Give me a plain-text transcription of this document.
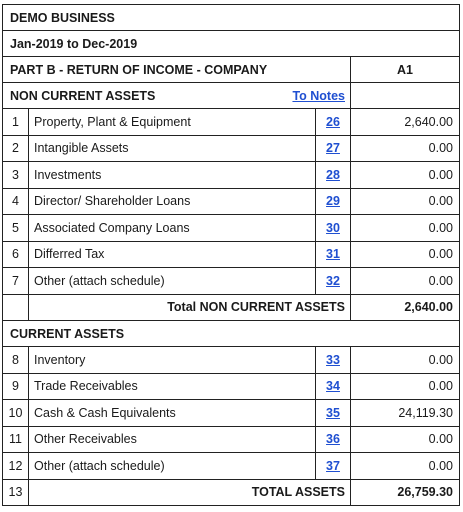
DEMO BUSINESS
Jan-2019 to Dec-2019
PART B - RETURN OF INCOME - COMPANY	A1
NON CURRENT ASSETS	To Notes
1	Property, Plant & Equipment	26	2,640.00
2	Intangible Assets	27	0.00
3	Investments	28	0.00
4	Director/ Shareholder Loans	29	0.00
5	Associated Company Loans	30	0.00
6	Differred Tax	31	0.00
7	Other (attach schedule)	32	0.00
Total NON CURRENT ASSETS	2,640.00
CURRENT ASSETS
8	Inventory	33	0.00
9	Trade Receivables	34	0.00
10 Cash & Cash Equivalents	35	24,119.30
11 Other Receivables	36	0.00
12 Other (attach schedule)	37	0.00
13	TOTAL ASSETS	26,759.30
